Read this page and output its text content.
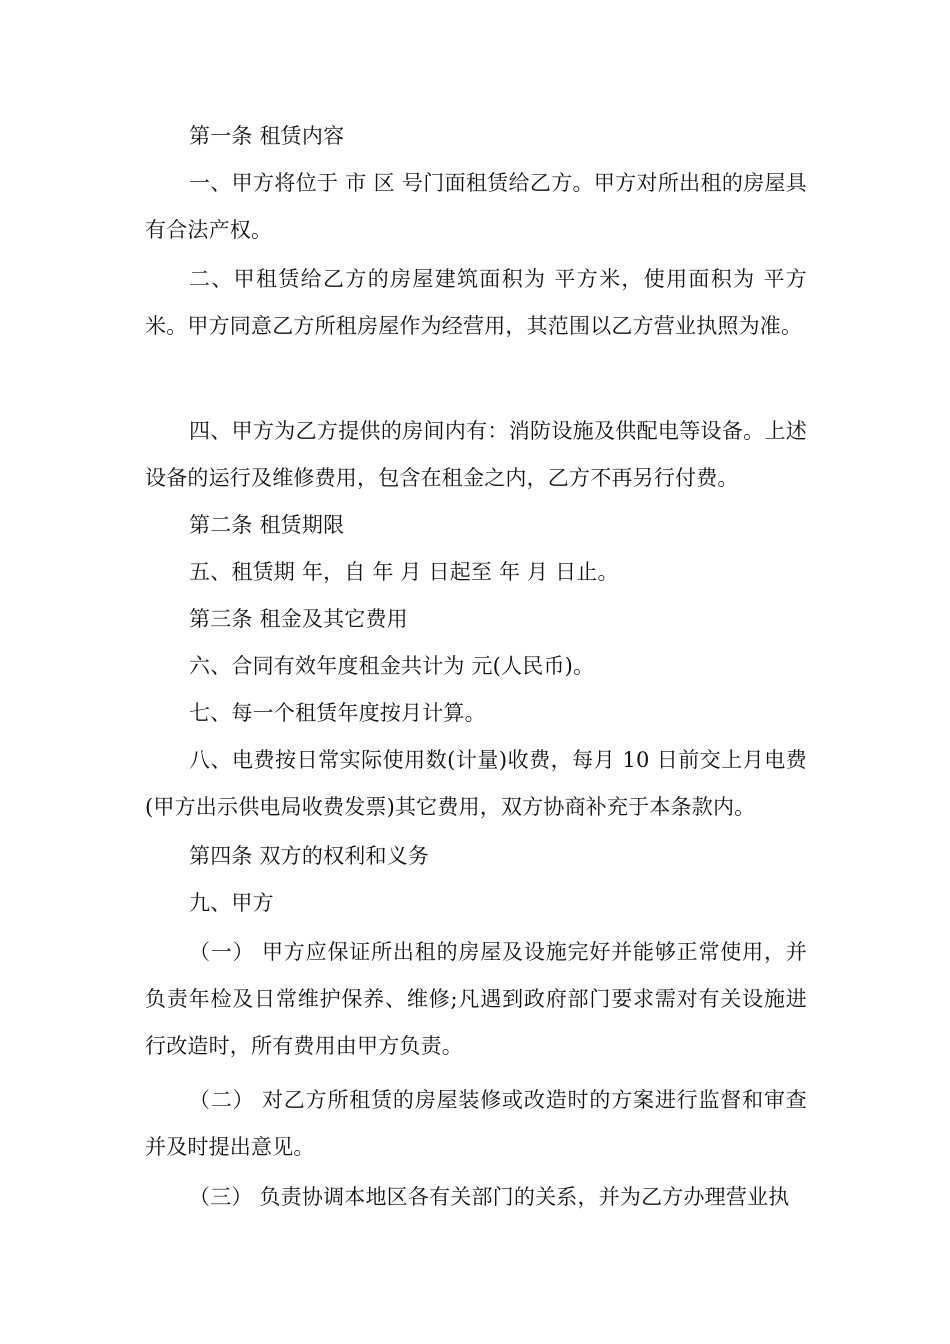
第一条 租赁内容

一、甲方将位于 市 区 号门面租赁给乙方。甲方对所出租的房屋具有合法产权。

二、甲租赁给乙方的房屋建筑面积为 平方米，使用面积为 平方米。甲方同意乙方所租房屋作为经营用，其范围以乙方营业执照为准。

四、甲方为乙方提供的房间内有：消防设施及供配电等设备。上述设备的运行及维修费用，包含在租金之内，乙方不再另行付费。

第二条 租赁期限

五、租赁期 年，自 年 月 日起至 年 月 日止。

第三条 租金及其它费用

六、合同有效年度租金共计为 元(人民币)。

七、每一个租赁年度按月计算。

八、电费按日常实际使用数(计量)收费，每月 10 日前交上月电费(甲方出示供电局收费发票)其它费用，双方协商补充于本条款内。

第四条 双方的权利和义务

九、甲方

（一） 甲方应保证所出租的房屋及设施完好并能够正常使用，并负责年检及日常维护保养、维修;凡遇到政府部门要求需对有关设施进行改造时，所有费用由甲方负责。

（二） 对乙方所租赁的房屋装修或改造时的方案进行监督和审查并及时提出意见。

（三） 负责协调本地区各有关部门的关系，并为乙方办理营业执
